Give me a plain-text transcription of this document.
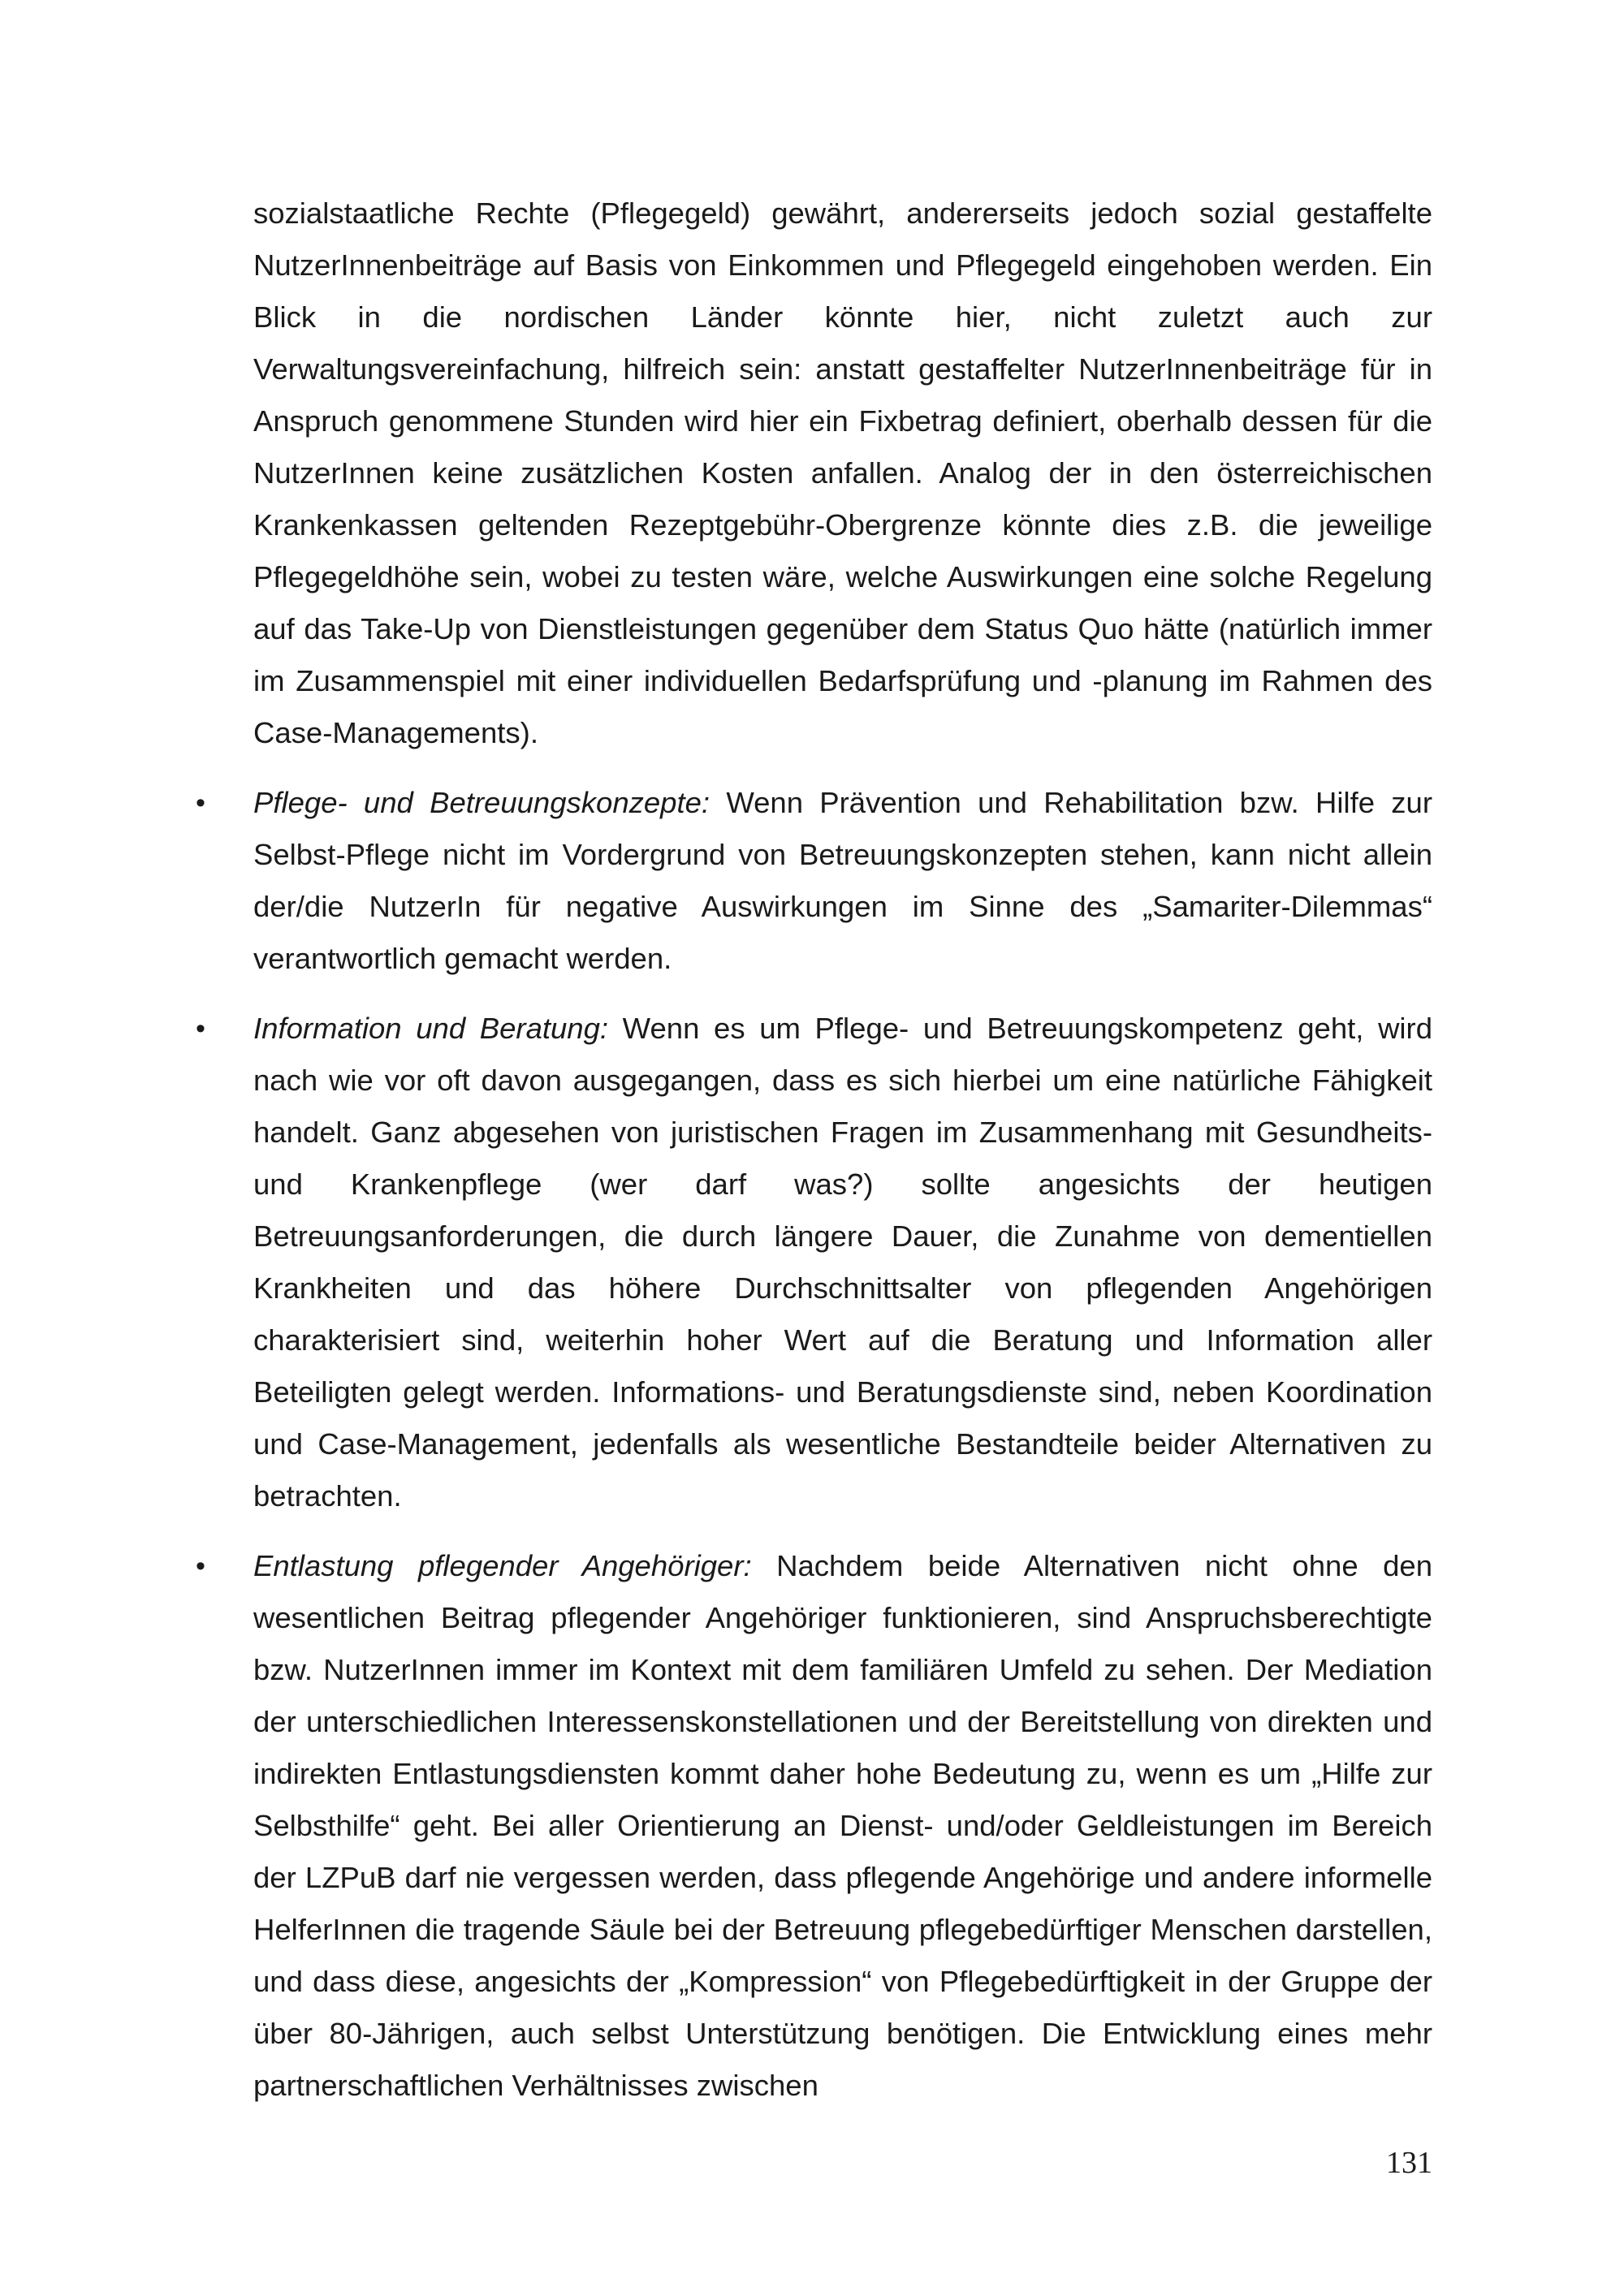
sozialstaatliche Rechte (Pflegegeld) gewährt, andererseits jedoch sozial gestaffelte NutzerInnenbeiträge auf Basis von Einkommen und Pflegegeld eingehoben werden. Ein Blick in die nordischen Länder könnte hier, nicht zuletzt auch zur Verwaltungsvereinfachung, hilfreich sein: anstatt gestaffelter NutzerInnenbeiträge für in Anspruch genommene Stunden wird hier ein Fixbetrag definiert, oberhalb dessen für die NutzerInnen keine zusätzlichen Kosten anfallen. Analog der in den österreichischen Krankenkassen geltenden Rezeptgebühr-Obergrenze könnte dies z.B. die jeweilige Pflegegeldhöhe sein, wobei zu testen wäre, welche Auswirkungen eine solche Regelung auf das Take-Up von Dienstleistungen gegenüber dem Status Quo hätte (natürlich immer im Zusammenspiel mit einer individuellen Bedarfsprüfung und -planung im Rahmen des Case-Managements).

• Pflege- und Betreuungskonzepte: Wenn Prävention und Rehabilitation bzw. Hilfe zur Selbst-Pflege nicht im Vordergrund von Betreuungskonzepten stehen, kann nicht allein der/die NutzerIn für negative Auswirkungen im Sinne des „Samariter-Dilemmas“ verantwortlich gemacht werden.
• Information und Beratung: Wenn es um Pflege- und Betreuungskompetenz geht, wird nach wie vor oft davon ausgegangen, dass es sich hierbei um eine natürliche Fähigkeit handelt. Ganz abgesehen von juristischen Fragen im Zusammenhang mit Gesundheits- und Krankenpflege (wer darf was?) sollte angesichts der heutigen Betreuungsanforderungen, die durch längere Dauer, die Zunahme von dementiellen Krankheiten und das höhere Durchschnittsalter von pflegenden Angehörigen charakterisiert sind, weiterhin hoher Wert auf die Beratung und Information aller Beteiligten gelegt werden. Informations- und Beratungsdienste sind, neben Koordination und Case-Management, jedenfalls als wesentliche Bestandteile beider Alternativen zu betrachten.
• Entlastung pflegender Angehöriger: Nachdem beide Alternativen nicht ohne den wesentlichen Beitrag pflegender Angehöriger funktionieren, sind Anspruchsberechtigte bzw. NutzerInnen immer im Kontext mit dem familiären Umfeld zu sehen. Der Mediation der unterschiedlichen Interessenskonstellationen und der Bereitstellung von direkten und indirekten Entlastungsdiensten kommt daher hohe Bedeutung zu, wenn es um „Hilfe zur Selbsthilfe“ geht. Bei aller Orientierung an Dienst- und/oder Geldleistungen im Bereich der LZPuB darf nie vergessen werden, dass pflegende Angehörige und andere informelle HelferInnen die tragende Säule bei der Betreuung pflegebedürftiger Menschen darstellen, und dass diese, angesichts der „Kompression“ von Pflegebedürftigkeit in der Gruppe der über 80-Jährigen, auch selbst Unterstützung benötigen. Die Entwicklung eines mehr partnerschaftlichen Verhältnisses zwischen
131
